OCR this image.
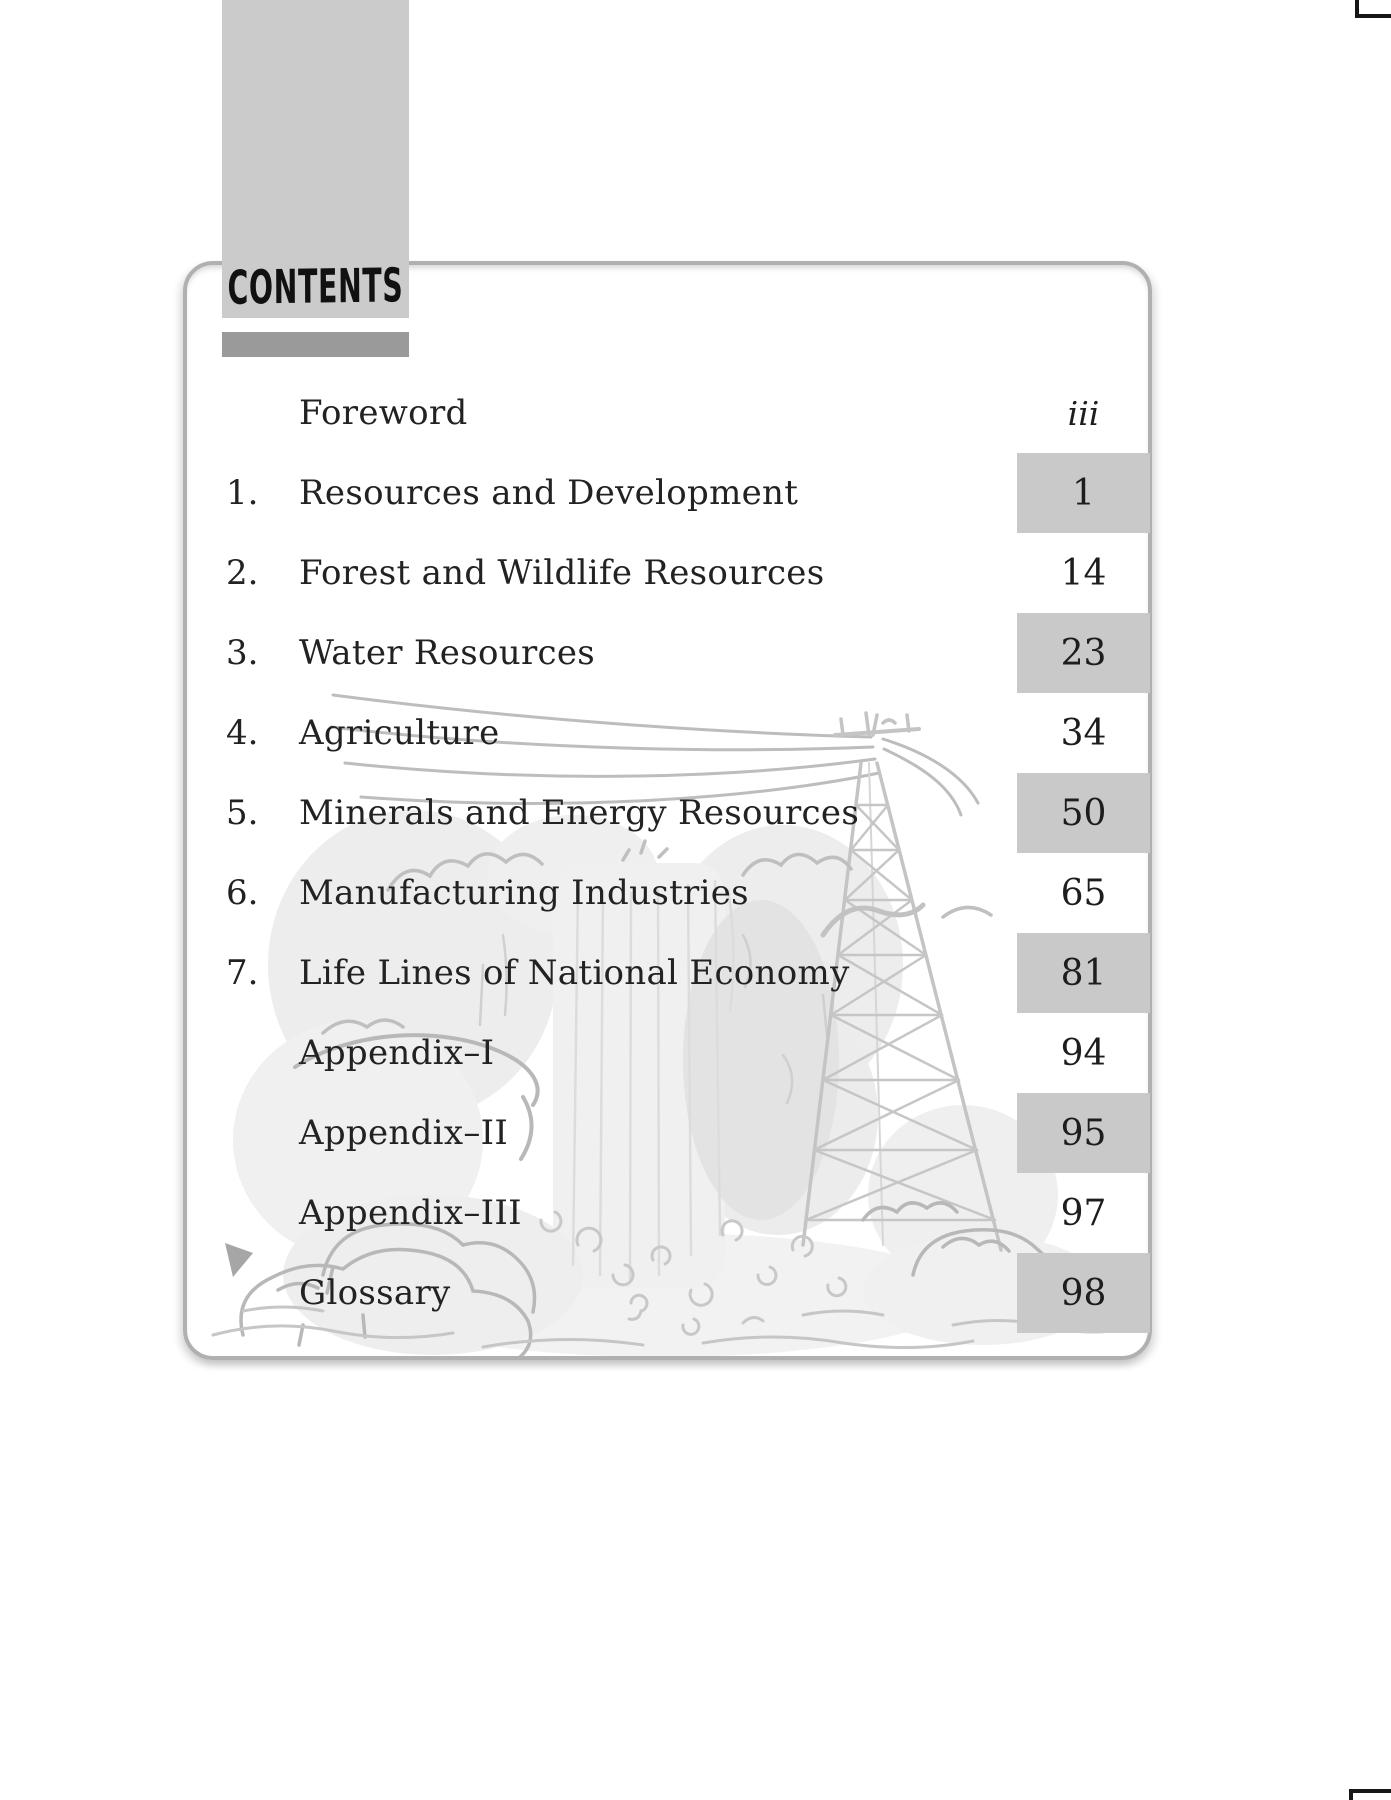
CONTENTS
Foreword	iii
1. Resources and Development	1
2. Forest and Wildlife Resources	14
3. Water Resources	23
4. Agriculture	34
5. Minerals and Energy Resources	50
6. Manufacturing Industries	65
7. Life Lines of National Economy	81
Appendix–I	94
Appendix–II	95
Appendix–III	97
Glossary	98
